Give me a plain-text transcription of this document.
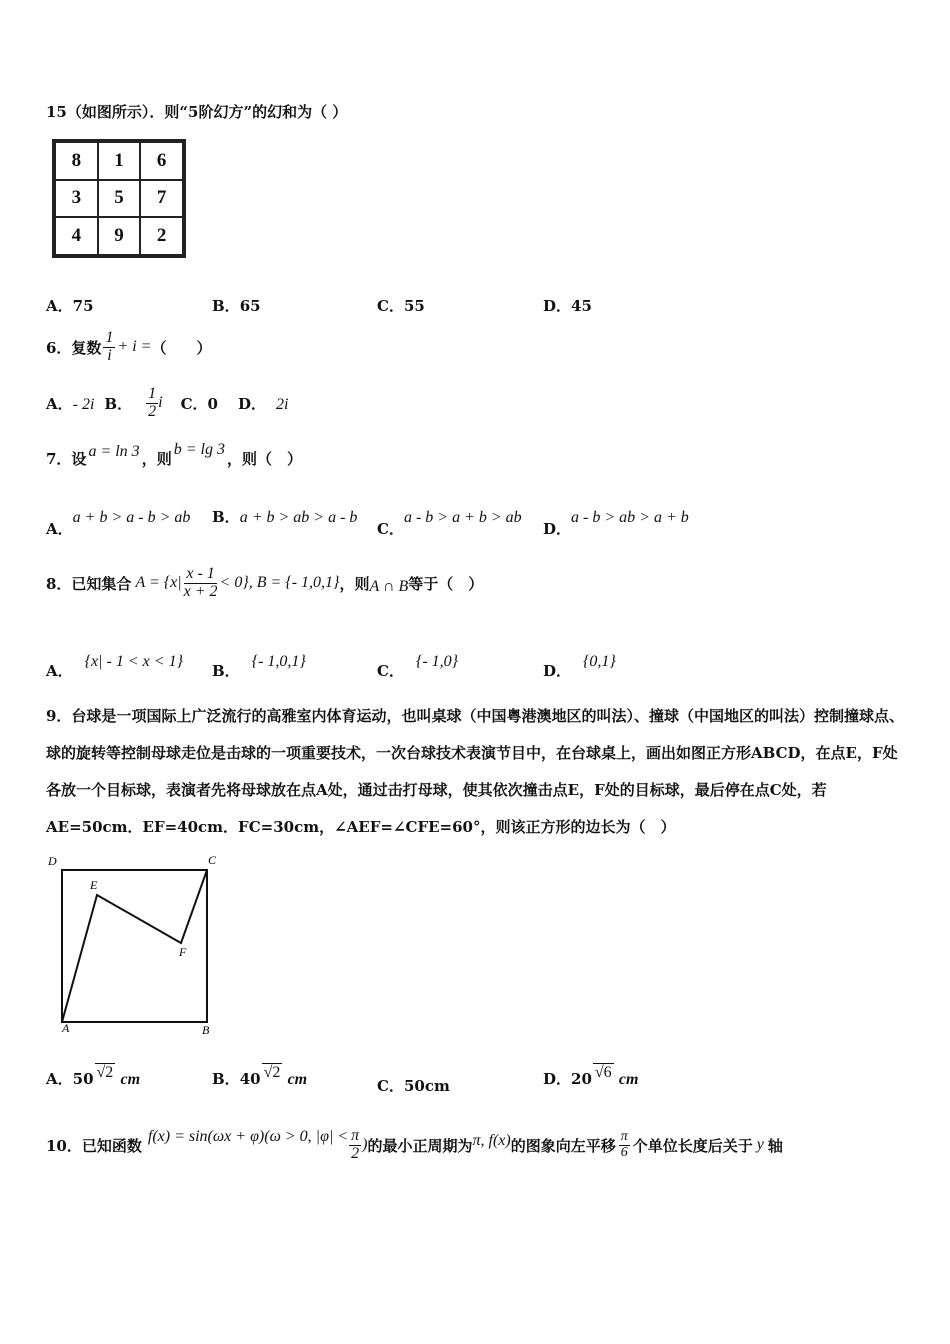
15（如图所示）．则“5阶幻方”的幻和为（ ）
8	1	6
3	5	7
4	9	2
A．75	B．65	C．55	D．45
6．复数 $\frac{1}{i} + i$ = （　　）
A．- 2i B． $\frac{1}{2}$ i C．0 D． 2i
7．设 a = ln 3 ，则
b = lg 3
，则（　）
A．a + b > a - b > ab B．a + b > ab > a - b
C．a - b > a + b > ab
D．a - b > ab > a + b
8．已知集合 $A = \{x| \frac{x - 1}{x + 2} < 0\}$, B = {- 1,0,1} ，则 A ∩ B 等于（　）
A．{x| - 1 < x < 1}
B．{- 1,0,1}
C．{- 1,0}
D．{0,1}
9．台球是一项国际上广泛流行的高雅室内体育运动，也叫桌球（中国粤港澳地区的叫法）、撞球（中国地区的叫法）控制撞球点、球的旋转等控制母球走位是击球的一项重要技术，一次台球技术表演节目中，在台球桌上，画出如图正方形ABCD，在点E，F处各放一个目标球，表演者先将母球放在点A处，通过击打母球，使其依次撞击点E，F处的目标球，最后停在点C处，若AE=50cm．EF=40cm．FC=30cm，∠AEF=∠CFE=60°，则该正方形的边长为（　）
D	C
E
F
A	B
A．50 √2 cm	B．40 √2 cm	C．50cm	D．20 √6 cm
10．已知函数 f(x) = sin(ωx + φ)(ω > 0, $|\varphi| < \frac{\pi}{2}$ ) 的最小正周期为 π, f(x) 的图象向左平移 $\frac{\pi}{6}$ 个单位长度后关于 y 轴
